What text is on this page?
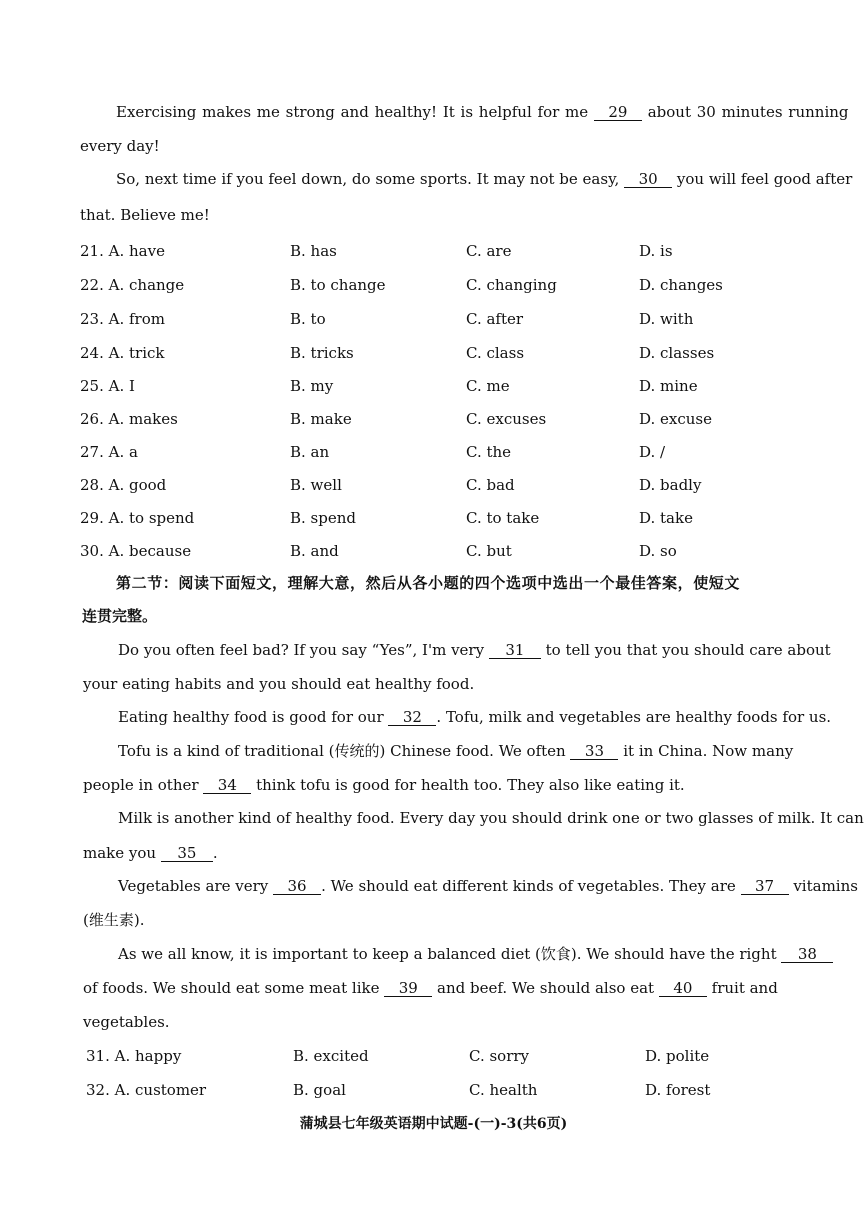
Exercising makes me strong and healthy! It is helpful for me 29 about 30 minutes running
every day!
So, next time if you feel down, do some sports. It may not be easy, 30 you will feel good after
that. Believe me!
21. A. have	B. has	C. are	D. is
22. A. change	B. to change	C. changing	D. changes
23. A. from	B. to	C. after	D. with
24. A. trick	B. tricks	C. class	D. classes
25. A. I	B. my	C. me	D. mine
26. A. makes	B. make	C. excuses	D. excuse
27. A. a	B. an	C. the	D. /
28. A. good	B. well	C. bad	D. badly
29. A. to spend	B. spend	C. to take	D. take
30. A. because	B. and	C. but	D. so
第二节：阅读下面短文，理解大意，然后从各小题的四个选项中选出一个最佳答案，使短文
连贯完整。
Do you often feel bad? If you say “Yes”, I'm very 31 to tell you that you should care about
your eating habits and you should eat healthy food.
Eating healthy food is good for our 32 . Tofu, milk and vegetables are healthy foods for us.
Tofu is a kind of traditional (传统的) Chinese food. We often 33 it in China. Now many
people in other 34 think tofu is good for health too. They also like eating it.
Milk is another kind of healthy food. Every day you should drink one or two glasses of milk. It can
make you 35 .
Vegetables are very 36 . We should eat different kinds of vegetables. They are 37 vitamins
(维生素).
As we all know, it is important to keep a balanced diet (饮食). We should have the right 38
of foods. We should eat some meat like 39 and beef. We should also eat 40 fruit and
vegetables.
31. A. happy	B. excited	C. sorry	D. polite
32. A. customer	B. goal	C. health	D. forest
蒲城县七年级英语期中试题-(一)-3(共6页)
